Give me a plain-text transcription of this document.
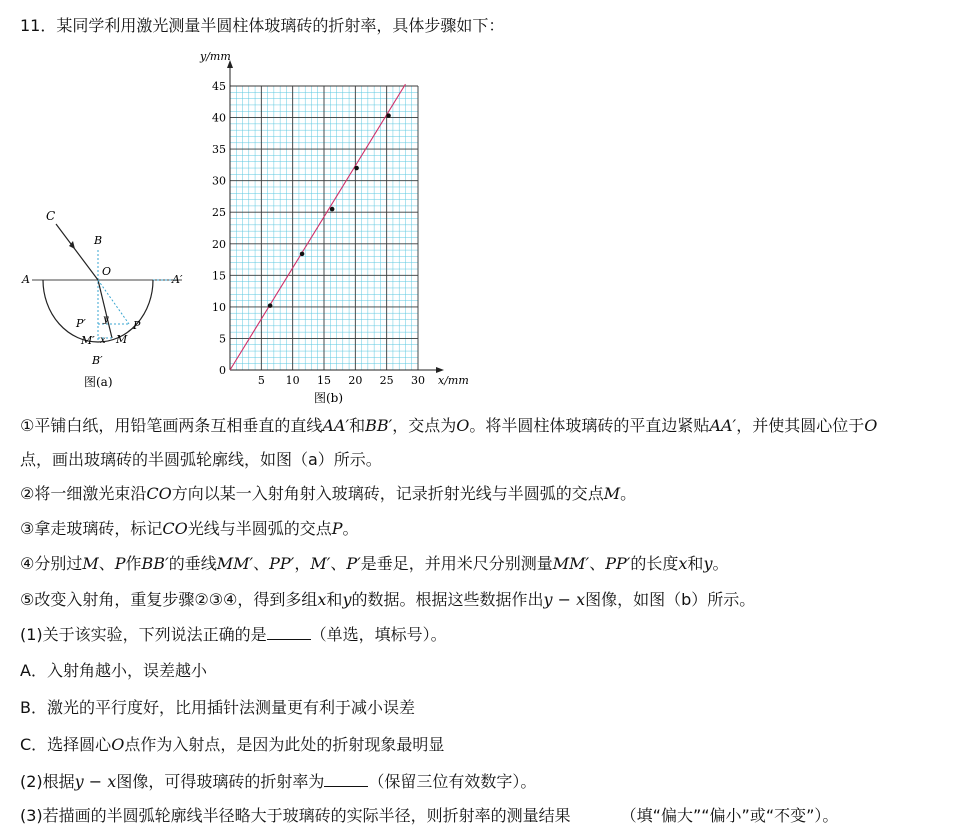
11．某同学利用激光测量半圆柱体玻璃砖的折射率，具体步骤如下：
C
B
O
A	A′
P′ y P
M′ x M
B′
图(a)	5 10 15 20 25 30
5
10
15
20
25
30
35
40
45
0
x/mm
y/mm
图(b)
①平铺白纸，用铅笔画两条互相垂直的直线AA′和BB′，交点为O。将半圆柱体玻璃砖的平直边紧贴AA′，并使其圆心位于O
点，画出玻璃砖的半圆弧轮廓线，如图（a）所示。
②将一细激光束沿CO方向以某一入射角射入玻璃砖，记录折射光线与半圆弧的交点M。
③拿走玻璃砖，标记CO光线与半圆弧的交点P。
④分别过M、P作BB′的垂线MM′、PP′，M′、P′是垂足，并用米尺分别测量MM′、PP′的长度x和y。
⑤改变入射角，重复步骤②③④，得到多组x和y的数据。根据这些数据作出y − x图像，如图（b）所示。
(1)关于该实验，下列说法正确的是	（单选，填标号）。
A．入射角越小，误差越小
B．激光的平行度好，比用插针法测量更有利于减小误差
C．选择圆心O点作为入射点，是因为此处的折射现象最明显
(2)根据y − x图像，可得玻璃砖的折射率为	（保留三位有效数字）。
(3)若描画的半圆弧轮廓线半径略大于玻璃砖的实际半径，则折射率的测量结果	（填“偏大”“偏小”或“不变”）。
